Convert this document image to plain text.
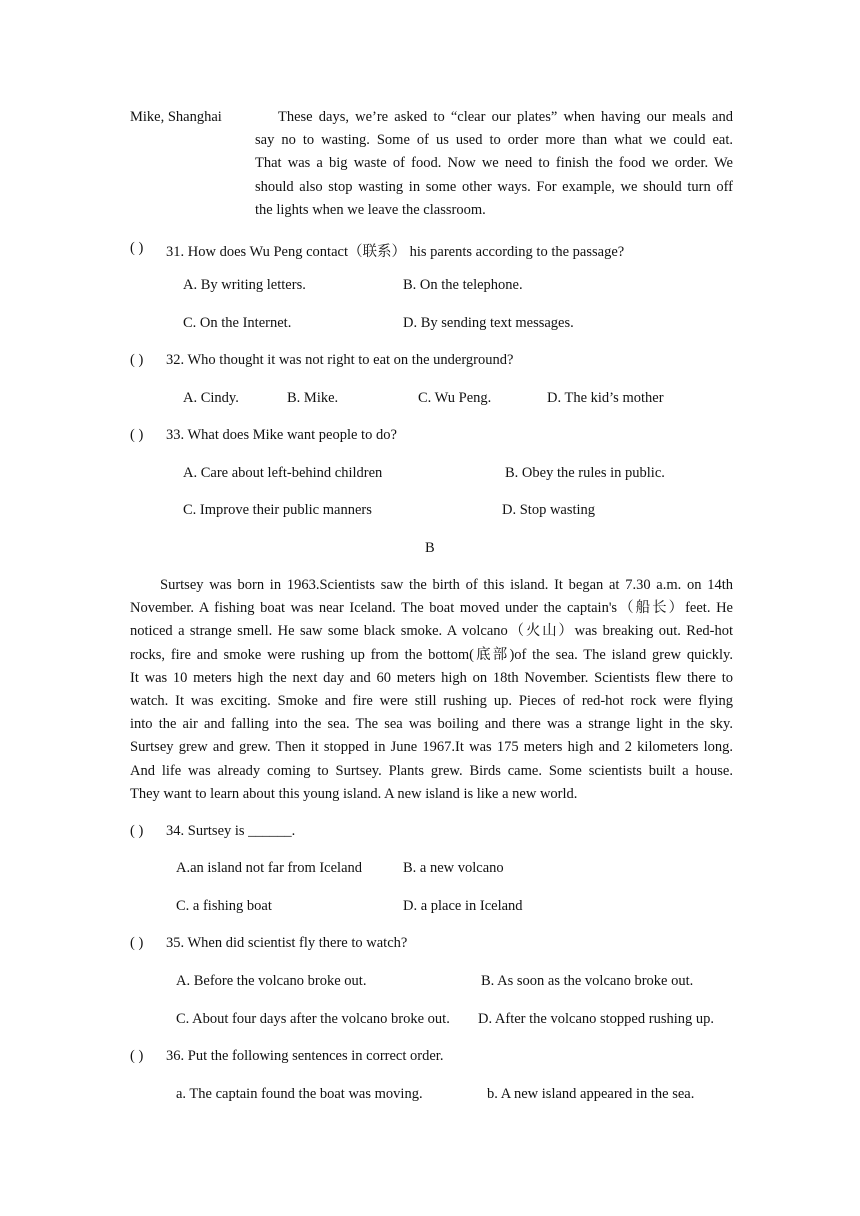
Mike, Shanghai	These days, we’re asked to “clear our plates” when having our meals and
say no to wasting. Some of us used to order more than what we could eat.
That was a big waste of food. Now we need to finish the food we order. We
should also stop wasting in some other ways. For example, we should turn off
the lights when we leave the classroom.
( ) 31. How does Wu Peng contact（联系） his parents according to the passage?
A. By writing letters.	B. On the telephone.
C. On the Internet.	D. By sending text messages.
( ) 32. Who thought it was not right to eat on the underground?
A. Cindy.	B. Mike.	C. Wu Peng.	D. The kid’s mother
( ) 33. What does Mike want people to do?
A. Care about left-behind children	B. Obey the rules in public.
C. Improve their public manners	D. Stop wasting
B
Surtsey was born in 1963.Scientists saw the birth of this island. It began at 7.30 a.m. on 14th
November. A fishing boat was near Iceland. The boat moved under the captain's（船长）feet. He
noticed a strange smell. He saw some black smoke. A volcano（火山）was breaking out. Red-hot
rocks, fire and smoke were rushing up from the bottom(底部)of the sea. The island grew quickly.
It was 10 meters high the next day and 60 meters high on 18th November. Scientists flew there to
watch. It was exciting. Smoke and fire were still rushing up. Pieces of red-hot rock were flying
into the air and falling into the sea. The sea was boiling and there was a strange light in the sky.
Surtsey grew and grew. Then it stopped in June 1967.It was 175 meters high and 2 kilometers long.
And life was already coming to Surtsey. Plants grew. Birds came. Some scientists built a house.
They want to learn about this young island. A new island is like a new world.
( ) 34. Surtsey is ______.
A.an island not far from Iceland	B. a new volcano
C. a fishing boat	D. a place in Iceland
( ) 35. When did scientist fly there to watch?
A. Before the volcano broke out.	B. As soon as the volcano broke out.
C. About four days after the volcano broke out. D. After the volcano stopped rushing up.
( ) 36. Put the following sentences in correct order.
a. The captain found the boat was moving.	b. A new island appeared in the sea.
